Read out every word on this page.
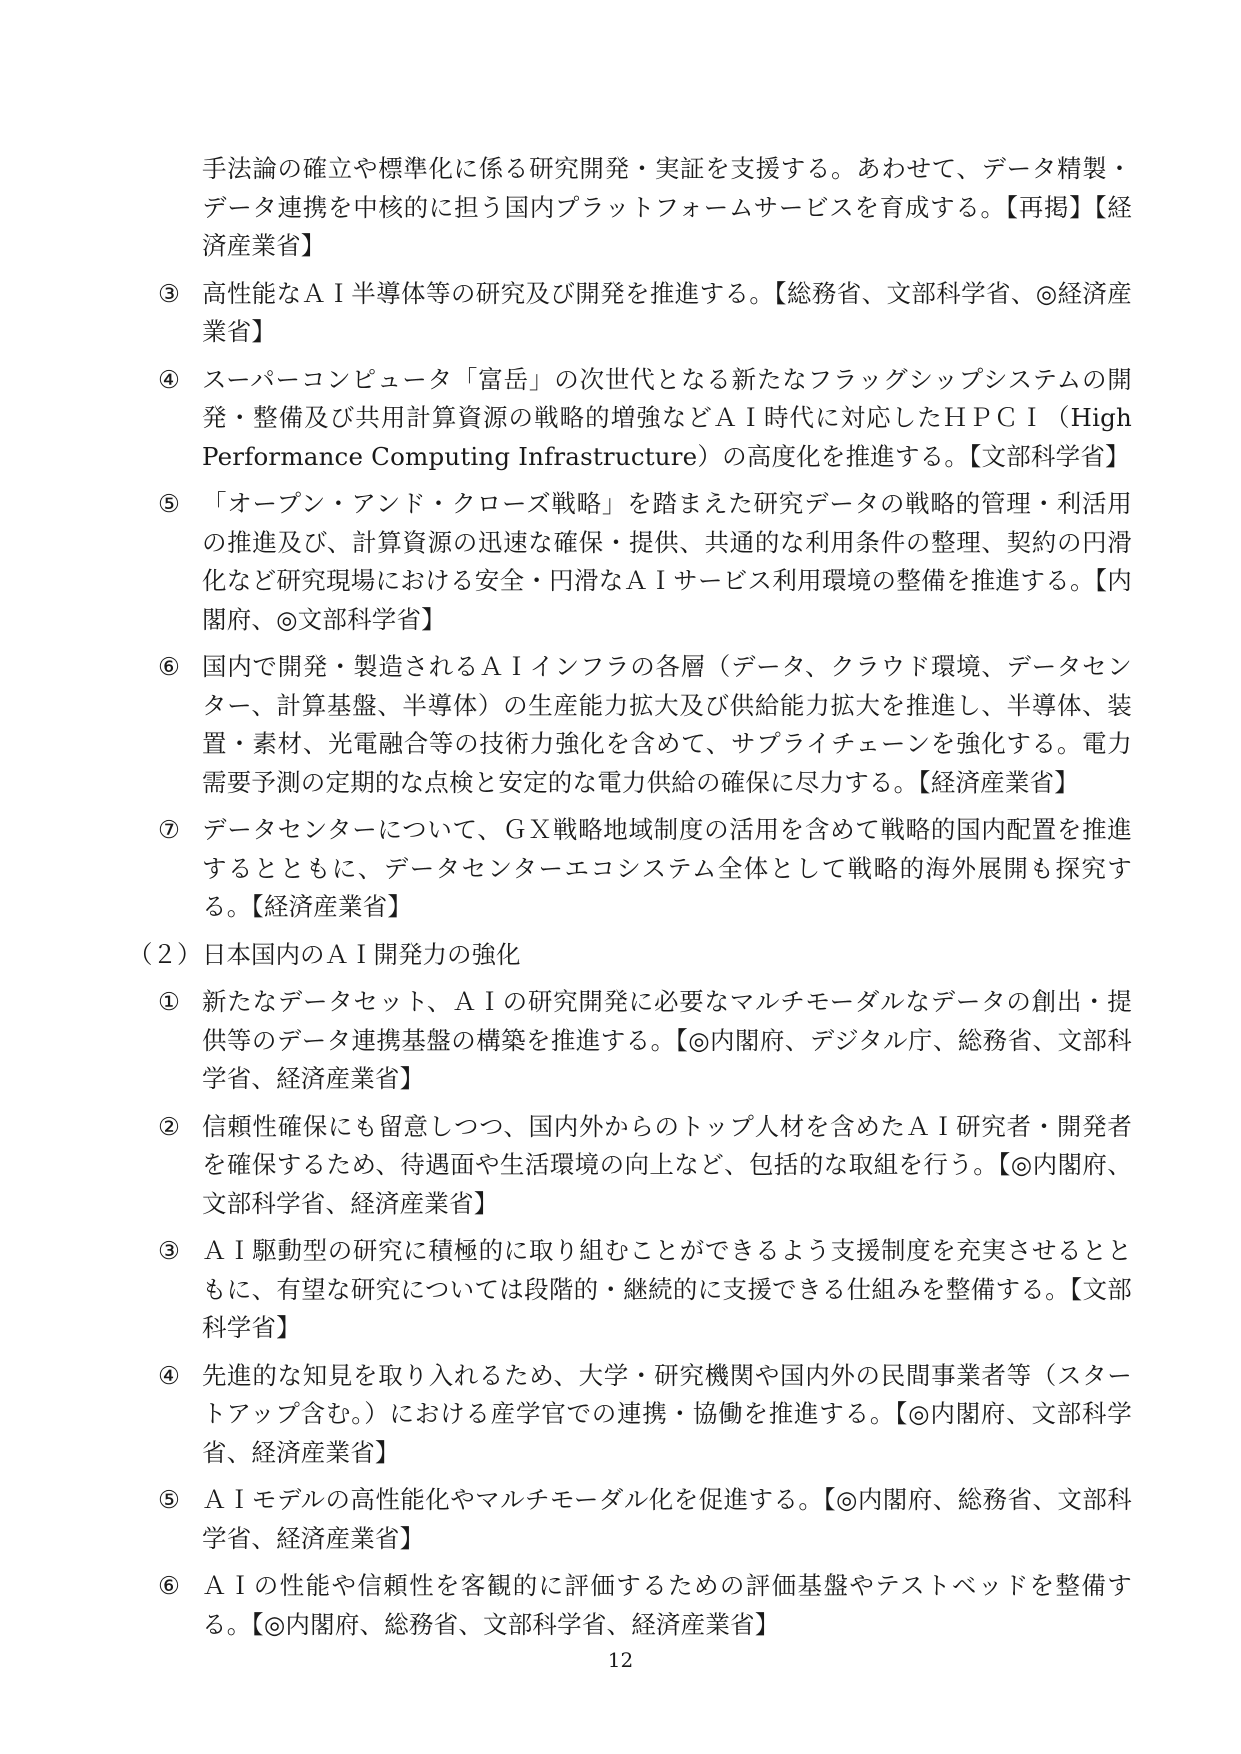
手法論の確立や標準化に係る研究開発・実証を支援する。あわせて、データ精製・データ連携を中核的に担う国内プラットフォームサービスを育成する。【再掲】【経済産業省】
③ 高性能なＡＩ半導体等の研究及び開発を推進する。【総務省、文部科学省、◎経済産業省】
④ スーパーコンピュータ「富岳」の次世代となる新たなフラッグシップシステムの開発・整備及び共用計算資源の戦略的増強などＡＩ時代に対応したＨＰＣＩ（High Performance Computing Infrastructure）の高度化を推進する。【文部科学省】
⑤ 「オープン・アンド・クローズ戦略」を踏まえた研究データの戦略的管理・利活用の推進及び、計算資源の迅速な確保・提供、共通的な利用条件の整理、契約の円滑化など研究現場における安全・円滑なＡＩサービス利用環境の整備を推進する。【内閣府、◎文部科学省】
⑥ 国内で開発・製造されるＡＩインフラの各層（データ、クラウド環境、データセンター、計算基盤、半導体）の生産能力拡大及び供給能力拡大を推進し、半導体、装置・素材、光電融合等の技術力強化を含めて、サプライチェーンを強化する。電力需要予測の定期的な点検と安定的な電力供給の確保に尽力する。【経済産業省】
⑦ データセンターについて、ＧＸ戦略地域制度の活用を含めて戦略的国内配置を推進するとともに、データセンターエコシステム全体として戦略的海外展開も探究する。【経済産業省】
（２） 日本国内のＡＩ開発力の強化
① 新たなデータセット、ＡＩの研究開発に必要なマルチモーダルなデータの創出・提供等のデータ連携基盤の構築を推進する。【◎内閣府、デジタル庁、総務省、文部科学省、経済産業省】
② 信頼性確保にも留意しつつ、国内外からのトップ人材を含めたＡＩ研究者・開発者を確保するため、待遇面や生活環境の向上など、包括的な取組を行う。【◎内閣府、文部科学省、経済産業省】
③ ＡＩ駆動型の研究に積極的に取り組むことができるよう支援制度を充実させるとともに、有望な研究については段階的・継続的に支援できる仕組みを整備する。【文部科学省】
④ 先進的な知見を取り入れるため、大学・研究機関や国内外の民間事業者等（スタートアップ含む。）における産学官での連携・協働を推進する。【◎内閣府、文部科学省、経済産業省】
⑤ ＡＩモデルの高性能化やマルチモーダル化を促進する。【◎内閣府、総務省、文部科学省、経済産業省】
⑥ ＡＩの性能や信頼性を客観的に評価するための評価基盤やテストベッドを整備する。【◎内閣府、総務省、文部科学省、経済産業省】
12
